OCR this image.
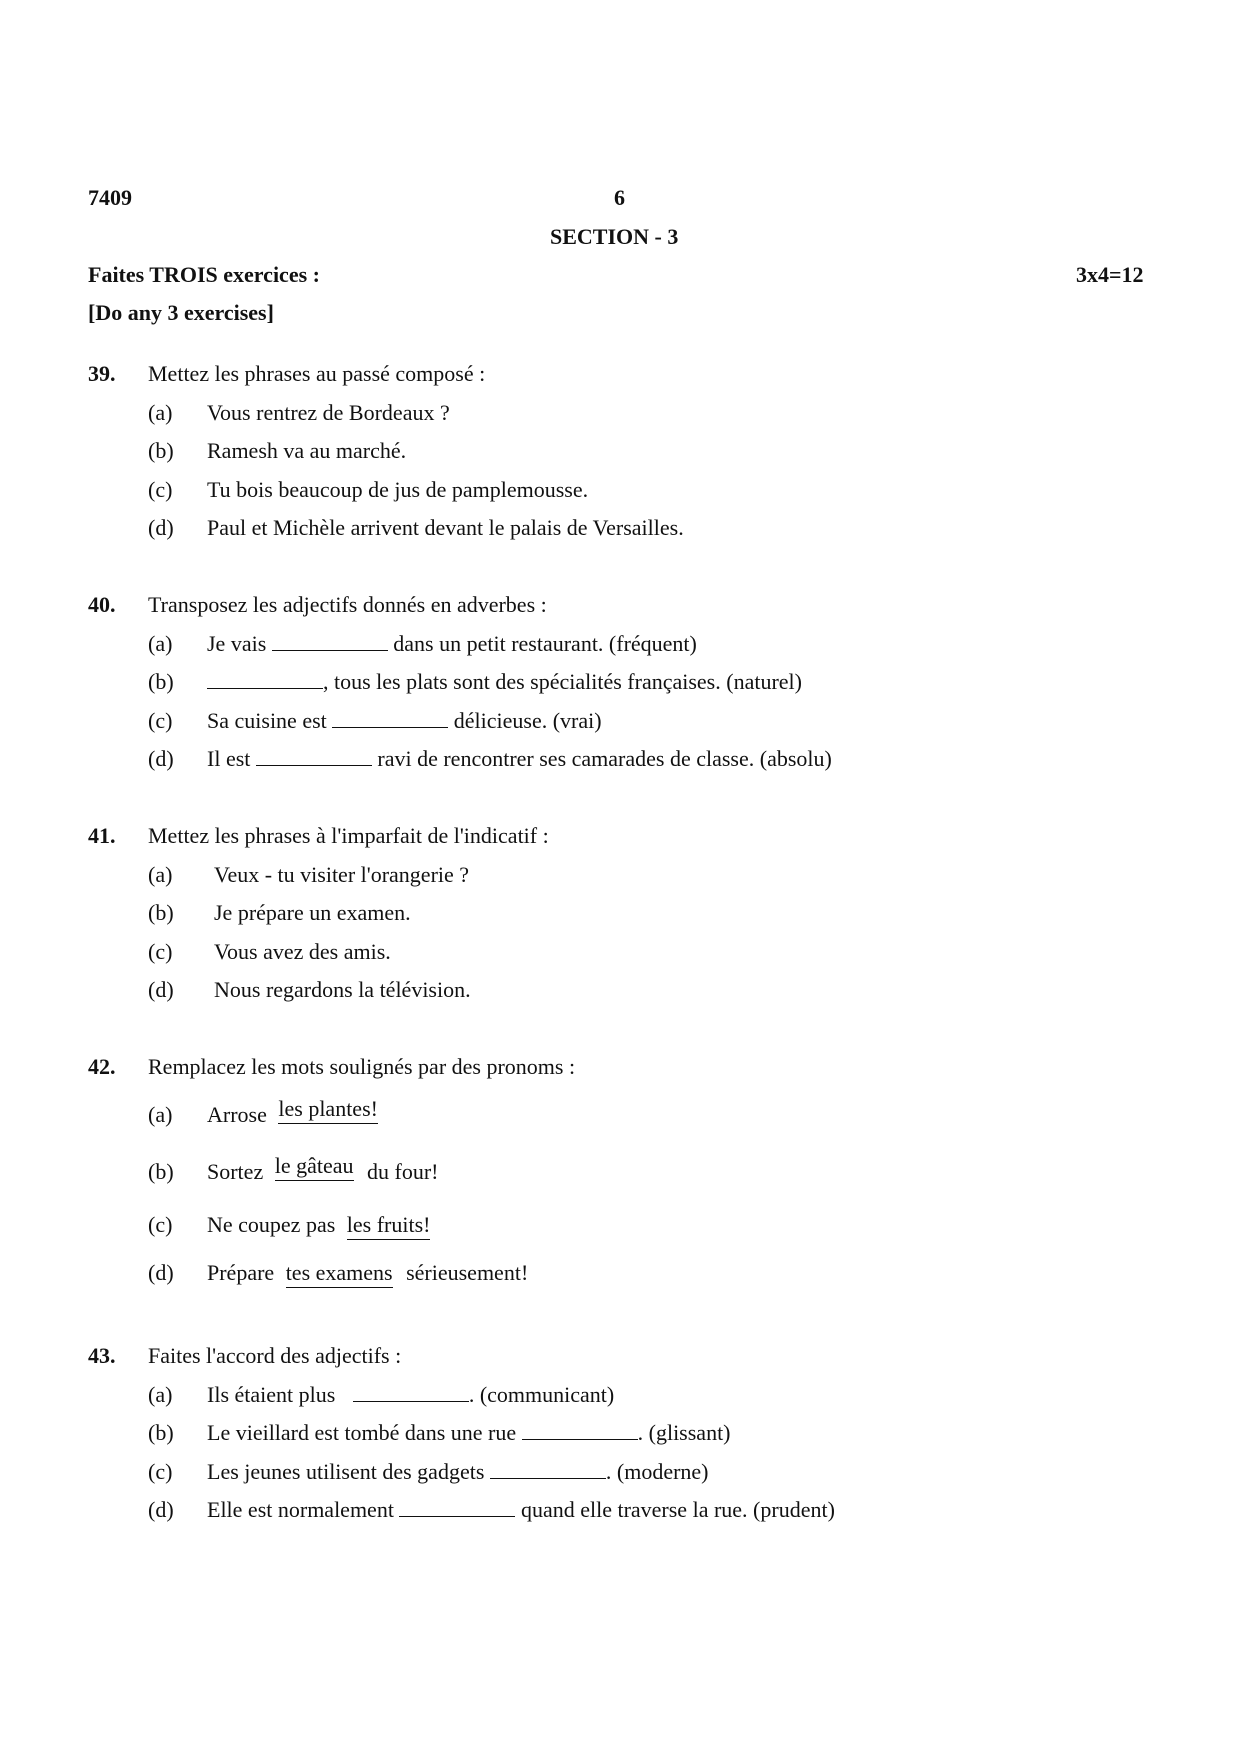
7409	6
SECTION - 3
Faites TROIS exercices :	3x4=12
[Do any 3 exercises]
39. Mettez les phrases au passé composé :
(a) Vous rentrez de Bordeaux ?
(b) Ramesh va au marché.
(c) Tu bois beaucoup de jus de pamplemousse.
(d) Paul et Michèle arrivent devant le palais de Versailles.
40. Transposez les adjectifs donnés en adverbes :
(a) Je vais	dans un petit restaurant. (fréquent)
(b)	, tous les plats sont des spécialités françaises. (naturel)
(c) Sa cuisine est	délicieuse. (vrai)
(d) Il est	ravi de rencontrer ses camarades de classe. (absolu)
41. Mettez les phrases à l'imparfait de l'indicatif :
(a) Veux - tu visiter l'orangerie ?
(b) Je prépare un examen.
(c) Vous avez des amis.
(d) Nous regardons la télévision.
42. Remplacez les mots soulignés par des pronoms :
(a) Arrose les plantes!
(b) Sortez le gâteau du four!
(c) Ne coupez pas les fruits!
(d) Prépare tes examens sérieusement!
43. Faites l'accord des adjectifs :
(a) Ils étaient plus	. (communicant)
(b) Le vieillard est tombé dans une rue	. (glissant)
(c) Les jeunes utilisent des gadgets	. (moderne)
(d) Elle est normalement	quand elle traverse la rue. (prudent)
